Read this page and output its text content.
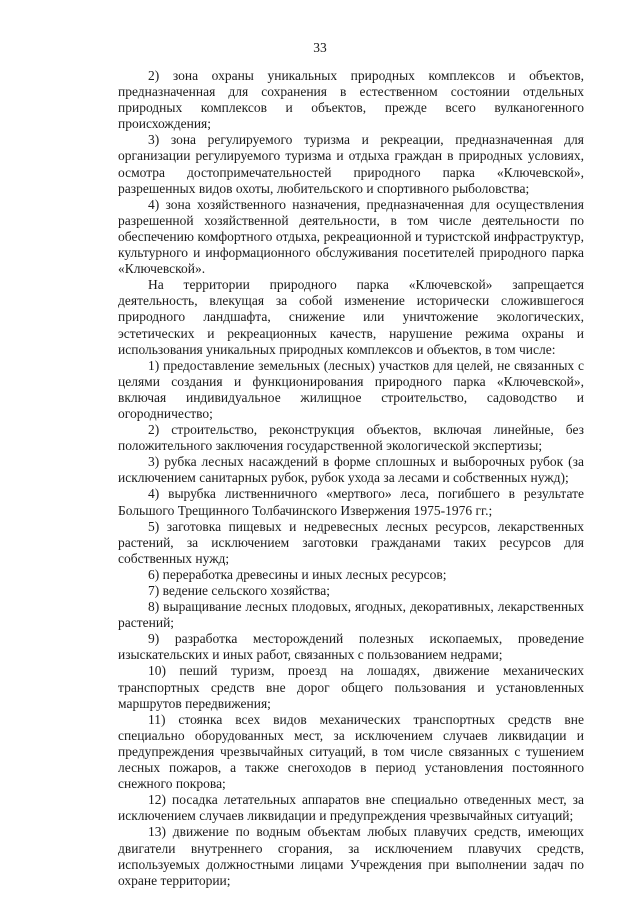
33

2) зона охраны уникальных природных комплексов и объектов, предназначенная для сохранения в естественном состоянии отдельных природных комплексов и объектов, прежде всего вулканогенного происхождения;

3) зона регулируемого туризма и рекреации, предназначенная для организации регулируемого туризма и отдыха граждан в природных условиях, осмотра достопримечательностей природного парка «Ключевской», разрешенных видов охоты, любительского и спортивного рыболовства;

4) зона хозяйственного назначения, предназначенная для осуществления разрешенной хозяйственной деятельности, в том числе деятельности по обеспечению комфортного отдыха, рекреационной и туристской инфраструктур, культурного и информационного обслуживания посетителей природного парка «Ключевской».

На территории природного парка «Ключевской» запрещается деятельность, влекущая за собой изменение исторически сложившегося природного ландшафта, снижение или уничтожение экологических, эстетических и рекреационных качеств, нарушение режима охраны и использования уникальных природных комплексов и объектов, в том числе:

1) предоставление земельных (лесных) участков для целей, не связанных с целями создания и функционирования природного парка «Ключевской», включая индивидуальное жилищное строительство, садоводство и огородничество;

2) строительство, реконструкция объектов, включая линейные, без положительного заключения государственной экологической экспертизы;

3) рубка лесных насаждений в форме сплошных и выборочных рубок (за исключением санитарных рубок, рубок ухода за лесами и собственных нужд);

4) вырубка лиственничного «мертвого» леса, погибшего в результате Большого Трещинного Толбачинского Извержения 1975-1976 гг.;

5) заготовка пищевых и недревесных лесных ресурсов, лекарственных растений, за исключением заготовки гражданами таких ресурсов для собственных нужд;

6) переработка древесины и иных лесных ресурсов;

7) ведение сельского хозяйства;

8) выращивание лесных плодовых, ягодных, декоративных, лекарственных растений;

9) разработка месторождений полезных ископаемых, проведение изыскательских и иных работ, связанных с пользованием недрами;

10) пеший туризм, проезд на лошадях, движение механических транспортных средств вне дорог общего пользования и установленных маршрутов передвижения;

11) стоянка всех видов механических транспортных средств вне специально оборудованных мест, за исключением случаев ликвидации и предупреждения чрезвычайных ситуаций, в том числе связанных с тушением лесных пожаров, а также снегоходов в период установления постоянного снежного покрова;

12) посадка летательных аппаратов вне специально отведенных мест, за исключением случаев ликвидации и предупреждения чрезвычайных ситуаций;

13) движение по водным объектам любых плавучих средств, имеющих двигатели внутреннего сгорания, за исключением плавучих средств, используемых должностными лицами Учреждения при выполнении задач по охране территории;
